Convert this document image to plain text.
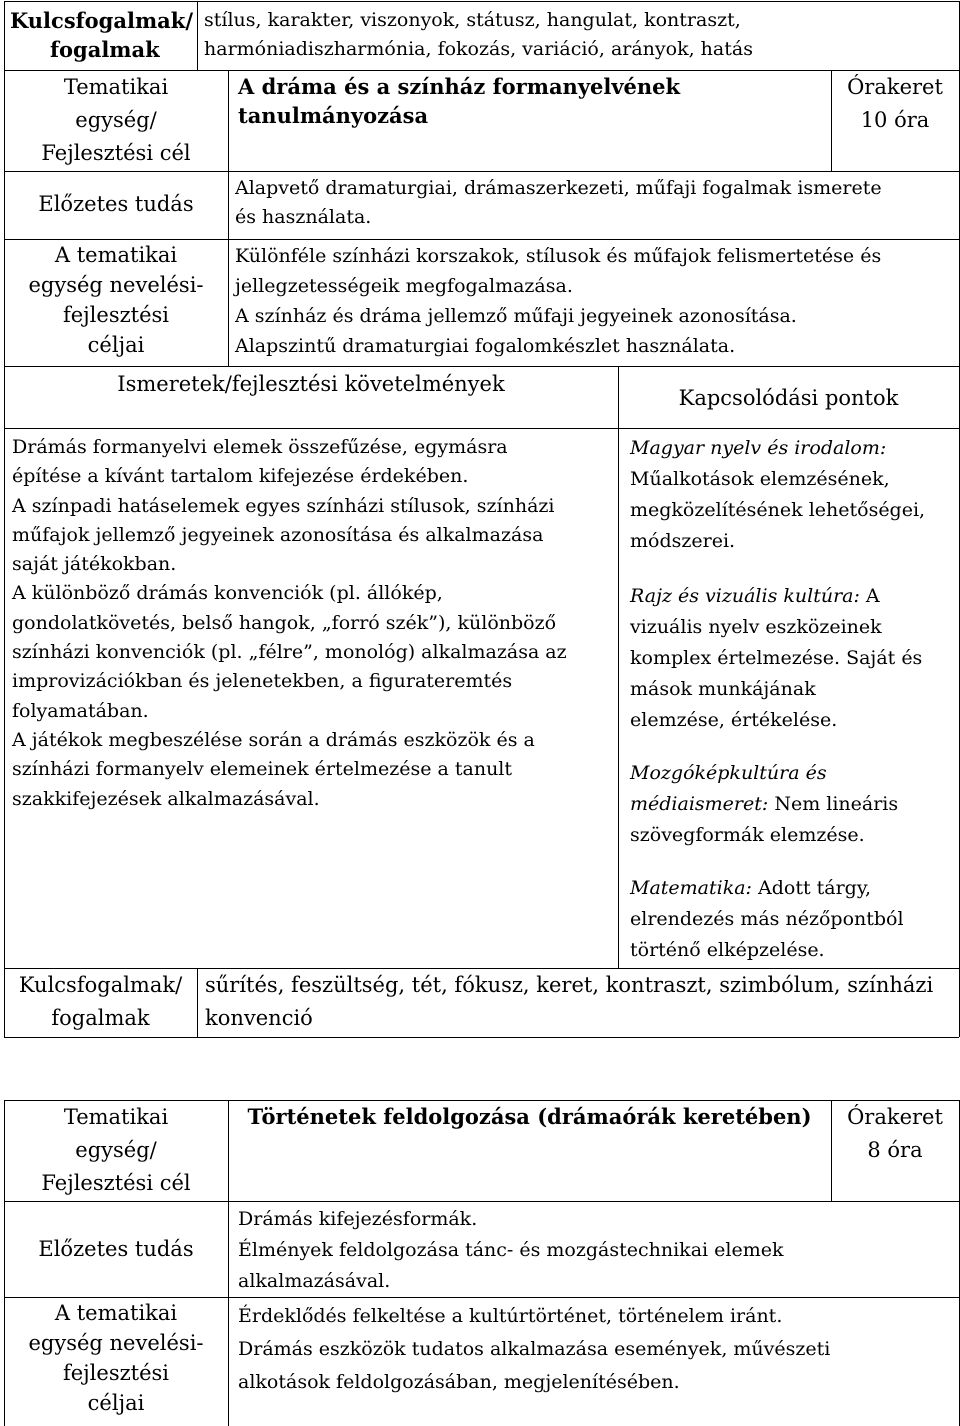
Kulcsfogalmak/
fogalmak

stílus, karakter, viszonyok, státusz, hangulat, kontraszt,

harmóniadiszharmónia, fokozás, variáció, arányok, hatás

Tematikai
egység/
Fejlesztési cél
A dráma és a színház formanyelvének
tanulmányozása
Órakeret
10 óra
Előzetes tudás

Alapvető dramaturgiai, drámaszerkezeti, műfaji fogalmak ismerete

és használata.

A tematikai
egység nevelési-
fejlesztési
céljai

Különféle színházi korszakok, stílusok és műfajok felismertetése és

jellegzetességeik megfogalmazása.

A színház és dráma jellemző műfaji jegyeinek azonosítása.

Alapszintű dramaturgiai fogalomkészlet használata.

Ismeretek/fejlesztési követelmények
Kapcsolódási pontok

Drámás formanyelvi elemek összefűzése, egymásra

építése a kívánt tartalom kifejezése érdekében.

A színpadi hatáselemek egyes színházi stílusok, színházi

műfajok jellemző jegyeinek azonosítása és alkalmazása

saját játékokban.

A különböző drámás konvenciók (pl. állókép,

gondolatkövetés, belső hangok, „forró szék”), különböző

színházi konvenciók (pl. „félre”, monológ) alkalmazása az

improvizációkban és jelenetekben, a figurateremtés

folyamatában.

A játékok megbeszélése során a drámás eszközök és a

színházi formanyelv elemeinek értelmezése a tanult

szakkifejezések alkalmazásával.

Magyar nyelv és irodalom:

Műalkotások elemzésének,

megközelítésének lehetőségei,

módszerei.

Rajz és vizuális kultúra: A

vizuális nyelv eszközeinek

komplex értelmezése. Saját és

mások munkájának

elemzése, értékelése.

Mozgóképkultúra és

médiaismeret: Nem lineáris

szövegformák elemzése.

Matematika: Adott tárgy,

elrendezés más nézőpontból

történő elképzelése.

Kulcsfogalmak/
fogalmak
sűrítés, feszültség, tét, fókusz, keret, kontraszt, szimbólum, színházi
konvenció
Tematikai
egység/
Fejlesztési cél
Történetek feldolgozása (drámaórák keretében)	Órakeret
8 óra
Előzetes tudás

Drámás kifejezésformák.

Élmények feldolgozása tánc- és mozgástechnikai elemek

alkalmazásával.

A tematikai
egység nevelési-
fejlesztési
céljai

Érdeklődés felkeltése a kultúrtörténet, történelem iránt.

Drámás eszközök tudatos alkalmazása események, művészeti

alkotások feldolgozásában, megjelenítésében.
